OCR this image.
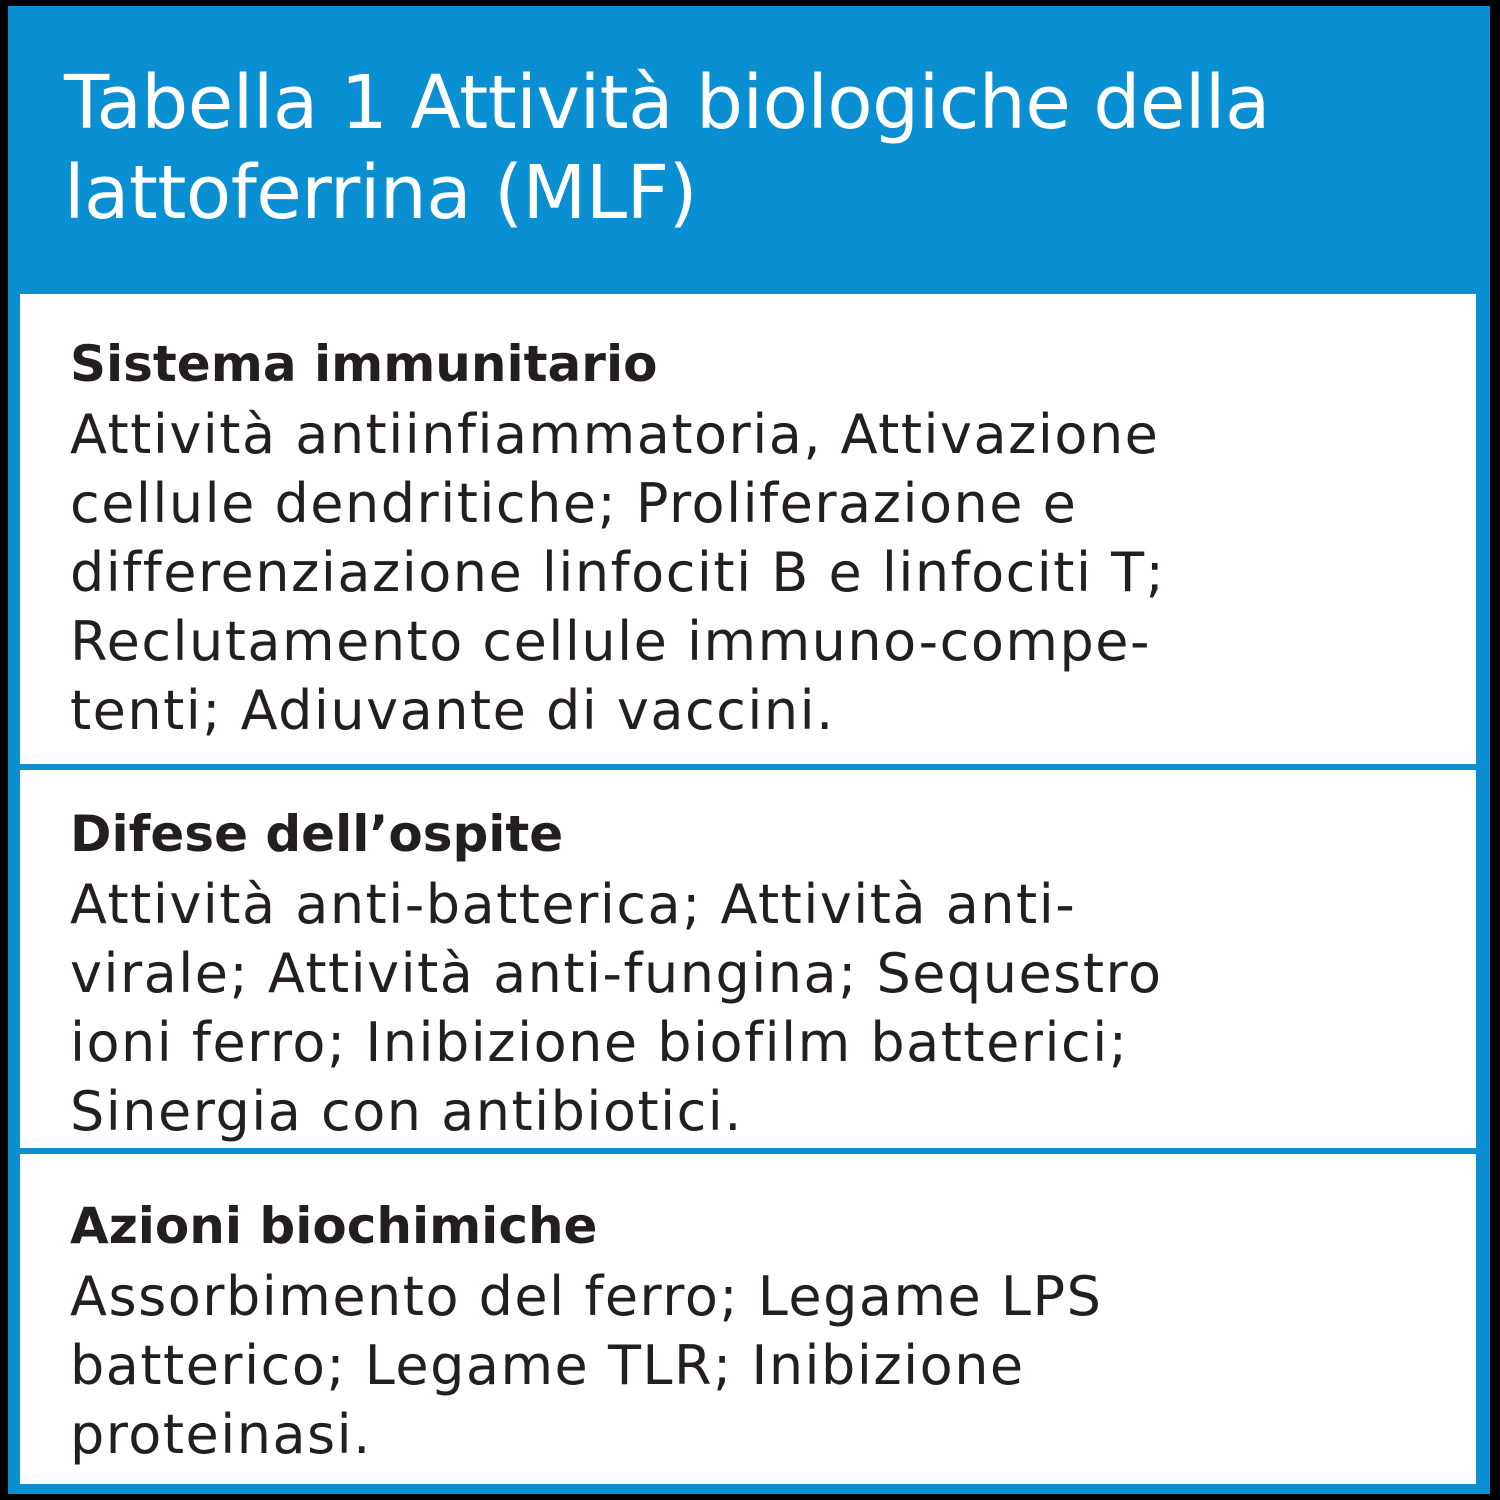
Tabella 1 Attività biologiche della
lattoferrina (MLF)
Sistema immunitario

Attività antiinfiammatoria, Attivazione
cellule dendritiche; Proliferazione e
differenziazione linfociti B e linfociti T;
Reclutamento cellule immuno-compe-
tenti; Adiuvante di vaccini.

Difese dell’ospite

Attività anti-batterica; Attività anti-
virale; Attività anti-fungina; Sequestro
ioni ferro; Inibizione biofilm batterici;
Sinergia con antibiotici.

Azioni biochimiche

Assorbimento del ferro; Legame LPS
batterico; Legame TLR; Inibizione
proteinasi.
